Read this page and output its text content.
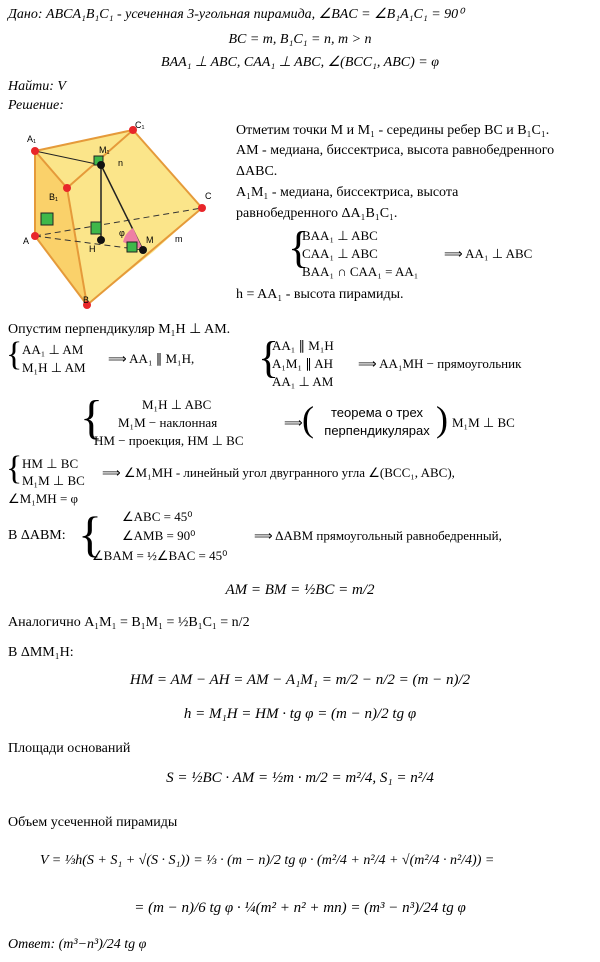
Дано: ABCA₁B₁C₁ - усеченная 3-угольная пирамида, ∠BAC = ∠B₁A₁C₁ = 90⁰
BC = m, B₁C₁ = n, m > n
BAA₁ ⊥ ABC, CAA₁ ⊥ ABC, ∠(BCC₁, ABC) = φ
Найти: V
Решение:
A₁
C₁
M₁
n
B₁	C
A
H
φ
M m
B
Отметим точки M и M₁ - середины ребер BC и B₁C₁.
AM - медиана, биссектриса, высота равнобедренного
ΔABC.
A₁M₁ - медиана, биссектриса, высота
равнобедренного ΔA₁B₁C₁.
{
BAA₁ ⊥ ABC
CAA₁ ⊥ ABC
BAA₁ ∩ CAA₁ = AA₁
⟹ AA₁ ⊥ ABC
h = AA₁ - высота пирамиды.
Опустим перпендикуляр M₁H ⊥ AM.
{ AA₁ ⊥ AM
M₁H ⊥ AM
⟹ AA₁ ∥ M₁H, {
AA₁ ∥ M₁H
A₁M₁ ∥ AH
AA₁ ⊥ AM
⟹ AA₁MH − прямоугольник
{	M₁H ⊥ ABC
M₁M − наклонная
HM − проекция, HM ⊥ BC
⟹ (	теорема о трех
перпендикулярах ) M₁M ⊥ BC
{ HM ⊥ BC
M₁M ⊥ BC
⟹ ∠M₁MH - линейный угол двугранного угла ∠(BCC₁, ABC),
∠M₁MH = φ
В ΔABM: { ∠ABC = 45⁰
∠AMB = 90⁰
∠BAM = ½∠BAC = 45⁰
⟹ ΔABM прямоугольный равнобедренный,
AM = BM = ½BC = m/2
Аналогично A₁M₁ = B₁M₁ = ½B₁C₁ = n/2
В ΔMM₁H:
HM = AM − AH = AM − A₁M₁ = m/2 − n/2 = (m − n)/2
h = M₁H = HM · tg φ = (m − n)/2 tg φ
Площади оснований
S = ½BC · AM = ½m · m/2 = m²/4, S₁ = n²/4
Объем усеченной пирамиды
V = ⅓h(S + S₁ + √(S · S₁)) = ⅓ · (m − n)/2 tg φ · (m²/4 + n²/4 + √(m²/4 · n²/4)) =
= (m − n)/6 tg φ · ¼(m² + n² + mn) = (m³ − n³)/24 tg φ
Ответ: (m³−n³)/24 tg φ
